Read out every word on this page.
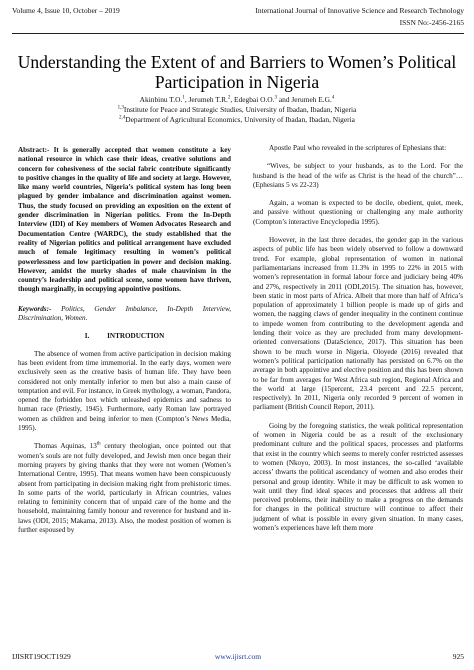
Volume 4, Issue 10, October – 2019	International Journal of Innovative Science and Research Technology
ISSN No:-2456-2165
Understanding the Extent of and Barriers to Women’s Political Participation in Nigeria
Akinbinu T.O.$^1$, Jerumeh T.R.$^2$, Edegbai O.O.$^3$ and Jerumeh E.G.$^4$
$^{1,3}$Institute for Peace and Strategic Studies, University of Ibadan, Ibadan, Nigeria
$^{2,4}$Department of Agricultural Economics, University of Ibadan, Ibadan, Nigeria

Abstract:- It is generally accepted that women constitute a key national resource in which case their ideas, creative solutions and concern for cohesiveness of the social fabric contribute significantly to positive changes in the quality of life and society at large. However, like many world countries, Nigeria’s political system has long been plagued by gender imbalance and discrimination against women. Thus, the study focused on providing an exposition on the extent of gender discrimination in Nigerian politics. From the In-Depth Interview (IDI) of Key members of Women Advocates Research and Documentation Centre (WARDC), the study established that the reality of Nigerian politics and political arrangement have excluded much of female legitimacy resulting in women’s political powerlessness and low participation in power and decision making. However, amidst the murky shades of male chauvinism in the country’s leadership and political scene, some women have thriven, though marginally, in occupying appointive positions.

Keywords:- Politics, Gender Imbalance, In-Depth Interview, Discrimination, Women.

I. INTRODUCTION

The absence of women from active participation in decision making has been evident from time immemorial. In the early days, women were exclusively seen as the creative basis of human life. They have been considered not only mentally inferior to men but also a main cause of temptation and evil. For instance, in Greek mythology, a woman, Pandora, opened the forbidden box which unleashed epidemics and sadness to human race (Priestly, 1945). Furthermore, early Roman law portrayed women as children and being inferior to men (Compton’s News Media, 1995).

Thomas Aquinas, 13th century theologian, once pointed out that women’s souls are not fully developed, and Jewish men once began their morning prayers by giving thanks that they were not women (Women’s International Centre, 1995). That means women have been conspicuously absent from participating in decision making right from prehistoric times. In some parts of the world, particularly in African countries, values relating to femininity concern that of unpaid care of the home and the household, maintaining family honour and reverence for husband and in-laws (ODI, 2015; Makama, 2013). Also, the modest position of women is further espoused by

Apostle Paul who revealed in the scriptures of Ephesians that:

“Wives, be subject to your husbands, as to the Lord. For the husband is the head of the wife as Christ is the head of the church”… (Ephesians 5 vs 22-23)

Again, a woman is expected to be docile, obedient, quiet, meek, and passive without questioning or challenging any male authority (Compton’s interactive Encyclopedia 1995).

However, in the last three decades, the gender gap in the various aspects of public life has been widely observed to follow a downward trend. For example, global representation of women in national parliamentarians increased from 11.3% in 1995 to 22% in 2015 with women’s representation in formal labour force and judiciary being 40% and 27%, respectively in 2011 (ODI,2015). The situation has, however, been static in most parts of Africa. Albeit that more than half of Africa’s population of approximately 1 billion people is made up of girls and women, the nagging claws of gender inequality in the continent continue to impede women from contributing to the development agenda and lending their voice as they are precluded from many development-oriented conversations (DataScience, 2017). This situation has been shown to be much worse in Nigeria. Oloyede (2016) revealed that women’s political participation nationally has persisted on 6.7% on the average in both appointive and elective position and this has been shown to be far from averages for West Africa sub region, Regional Africa and the world at large (15percent, 23.4 percent and 22.5 percent, respectively). In 2011, Nigeria only recorded 9 percent of women in parliament (British Council Report, 2011).

Going by the foregoing statistics, the weak political representation of women in Nigeria could be as a result of the exclusionary predominant culture and the political spaces, processes and platforms that exist in the country which seems to merely confer restricted assesses to women (Nkoyo, 2003). In most instances, the so-called ‘available access’ thwarts the political ascendancy of women and also erodes their personal and group identity. While it may be difficult to ask women to wait until they find ideal spaces and processes that address all their perceived problems, their inability to make a progress on the demands for changes in the political structure will continue to affect their judgment of what is possible in every given situation. In many cases, women’s experiences have left them more

IJISRT19OCT1929	www.ijisrt.com	925
